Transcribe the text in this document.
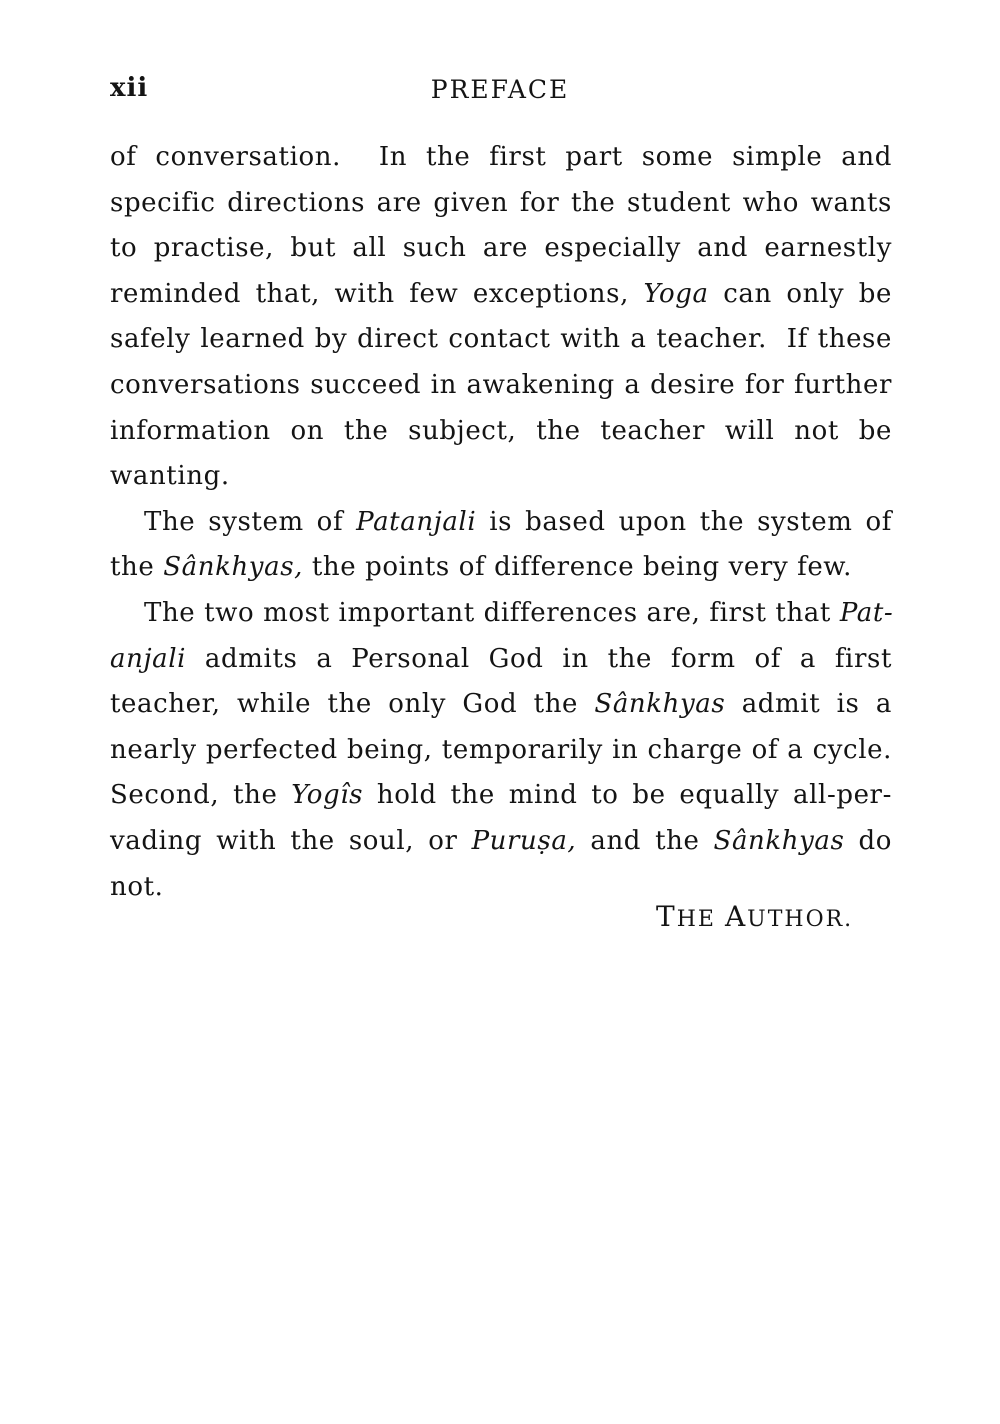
xii	PREFACE
of conversation.  In the first part some simple and
specific directions are given for the student who wants
to practise, but all such are especially and earnestly
reminded that, with few exceptions, Yoga can only be
safely learned by direct contact with a teacher.  If these
conversations succeed in awakening a desire for further
information on the subject, the teacher will not be
wanting.
The system of Patanjali is based upon the system of
the Sânkhyas, the points of difference being very few.
The two most important differences are, first that Pat-
anjali admits a Personal God in the form of a first
teacher, while the only God the Sânkhyas admit is a
nearly perfected being, temporarily in charge of a cycle.
Second, the Yogîs hold the mind to be equally all-per-
vading with the soul, or Puruṣa, and the Sânkhyas do
not.
THE AUTHOR.
